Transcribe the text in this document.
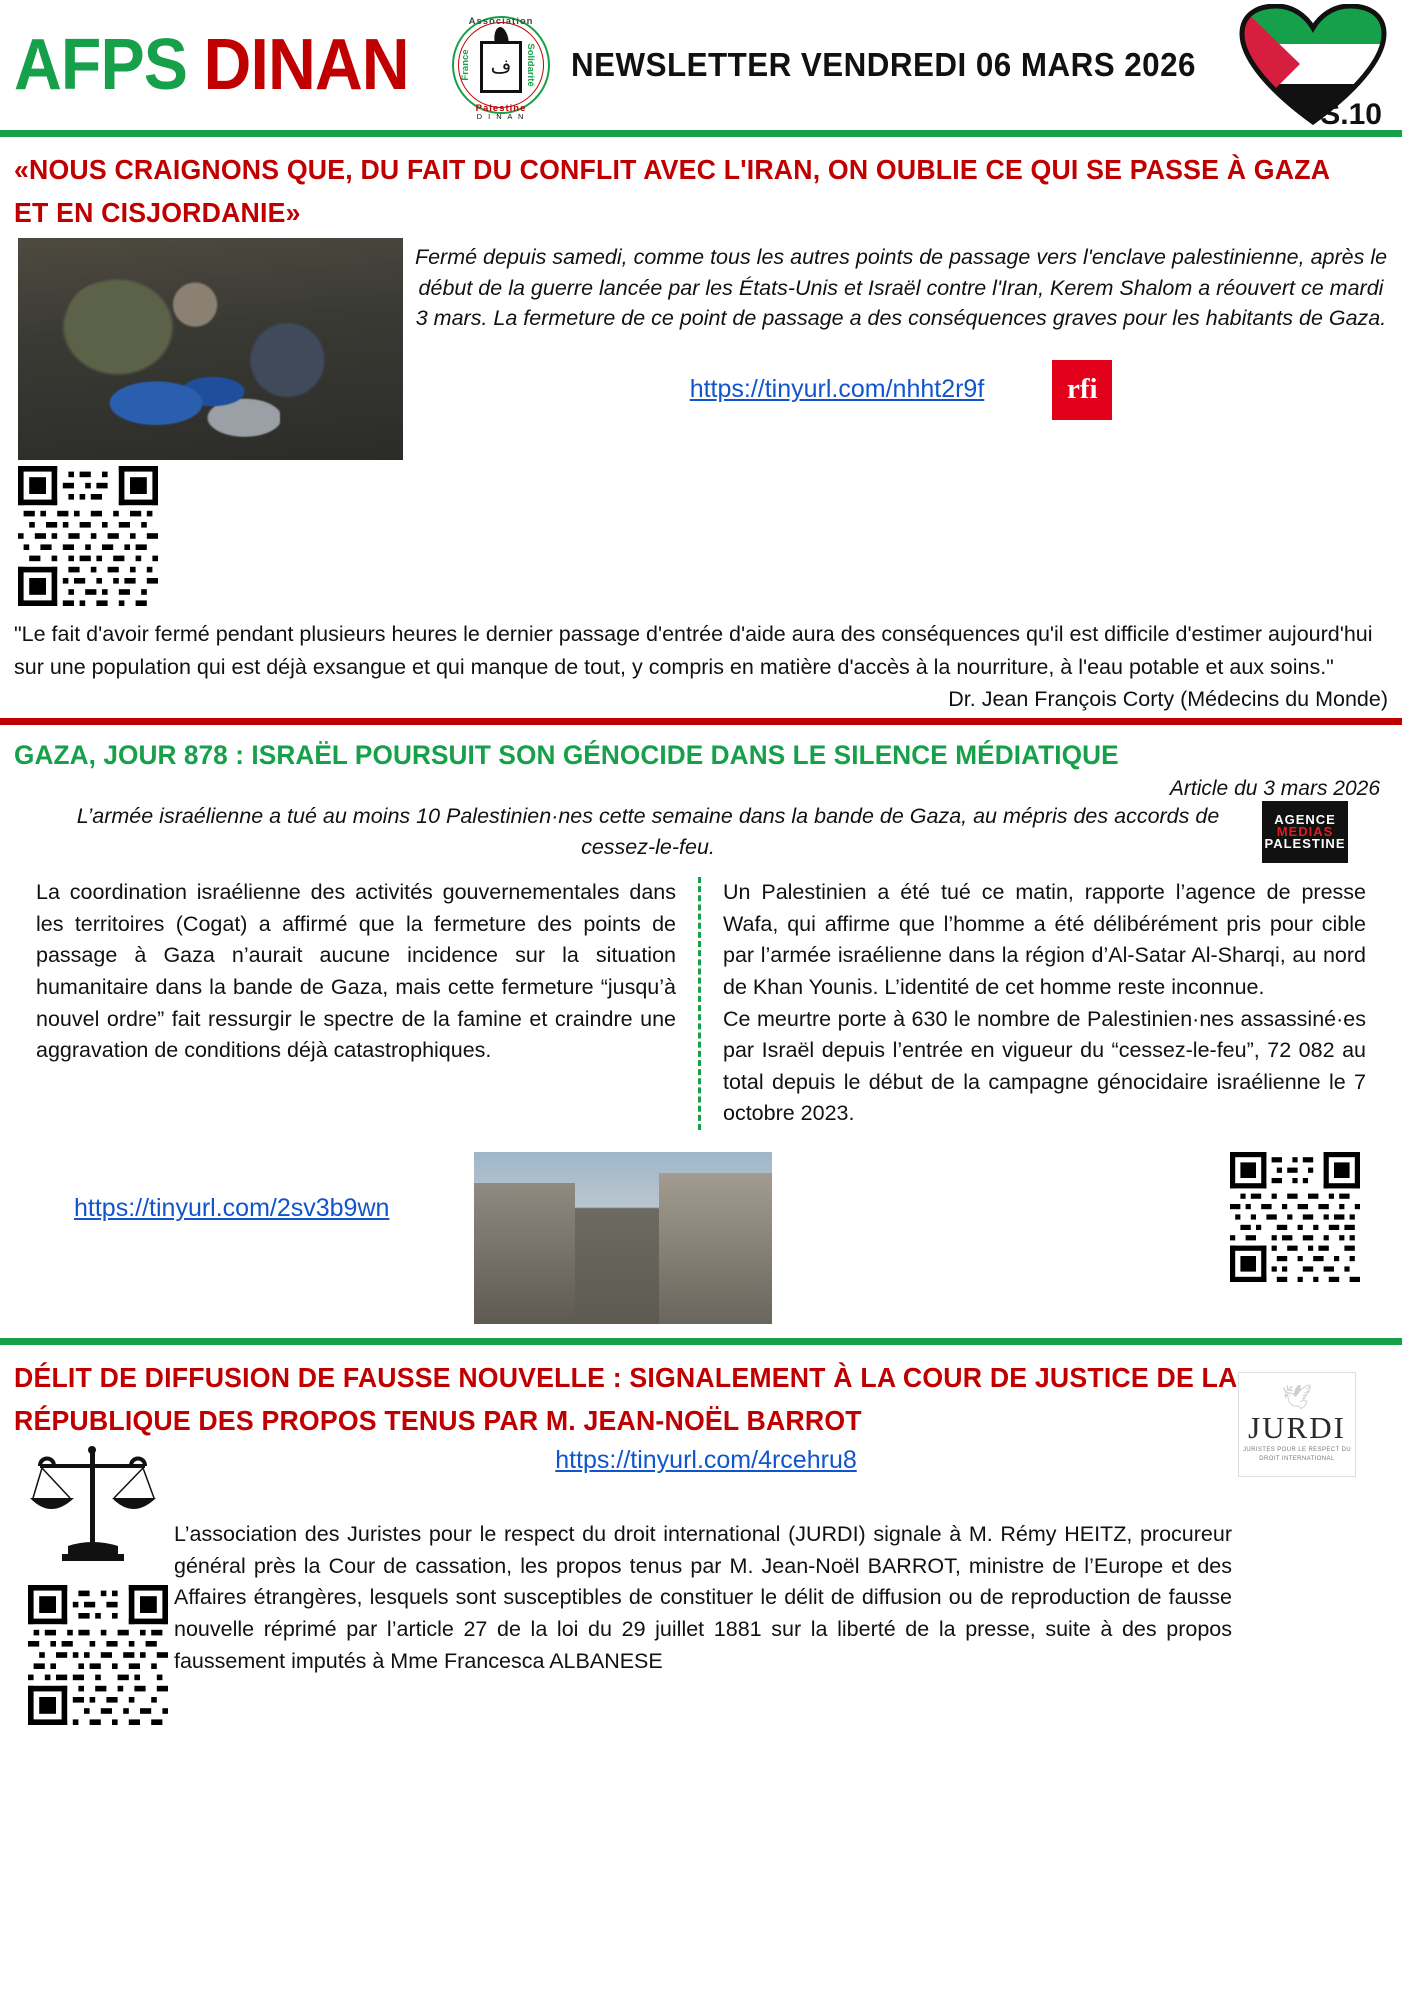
AFPS DINAN	ف
Association
France	Solidarité
Palestine
D I N A N
NEWSLETTER VENDREDI 06 MARS 2026
S.10
«NOUS CRAIGNONS QUE, DU FAIT DU CONFLIT AVEC L'IRAN, ON OUBLIE CE QUI SE PASSE À GAZA ET EN CISJORDANIE»
Fermé depuis samedi, comme tous les autres points de passage vers l'enclave palestinienne, après le début de la guerre lancée par les États-Unis et Israël contre l'Iran, Kerem Shalom a réouvert ce mardi 3 mars. La fermeture de ce point de passage a des conséquences graves pour les habitants de Gaza.
https://tinyurl.com/nhht2r9f	rfi
"Le fait d'avoir fermé pendant plusieurs heures le dernier passage d'entrée d'aide aura des conséquences qu'il est difficile d'estimer aujourd'hui sur une population qui est déjà exsangue et qui manque de tout, y compris en matière d'accès à la nourriture, à l'eau potable et aux soins."
Dr. Jean François Corty (Médecins du Monde)
GAZA, JOUR 878 : ISRAËL POURSUIT SON GÉNOCIDE DANS LE SILENCE MÉDIATIQUE
Article du 3 mars 2026
L’armée israélienne a tué au moins 10 Palestinien·nes cette semaine dans la bande de Gaza, au mépris des accords de cessez-le-feu.
AGENCE
MEDIAS
PALESTINE
La coordination israélienne des activités gouvernementales dans les territoires (Cogat) a affirmé que la fermeture des points de passage à Gaza n’aurait aucune incidence sur la situation humanitaire dans la bande de Gaza, mais cette fermeture “jusqu’à nouvel ordre” fait ressurgir le spectre de la famine et craindre une aggravation de conditions déjà catastrophiques.
Un Palestinien a été tué ce matin, rapporte l’agence de presse Wafa, qui affirme que l’homme a été délibérément pris pour cible par l’armée israélienne dans la région d’Al-Satar Al-Sharqi, au nord de Khan Younis. L’identité de cet homme reste inconnue.
Ce meurtre porte à 630 le nombre de Palestinien·nes assassiné·es par Israël depuis l’entrée en vigueur du “cessez-le-feu”, 72 082 au total depuis le début de la campagne génocidaire israélienne le 7 octobre 2023.
https://tinyurl.com/2sv3b9wn
DÉLIT DE DIFFUSION DE FAUSSE NOUVELLE : SIGNALEMENT À LA COUR DE JUSTICE DE LA RÉPUBLIQUE DES PROPOS TENUS PAR M. JEAN-NOËL BARROT
https://tinyurl.com/4rcehru8
L’association des Juristes pour le respect du droit international (JURDI) signale à M. Rémy HEITZ, procureur général près la Cour de cassation, les propos tenus par M. Jean-Noël BARROT, ministre de l’Europe et des Affaires étrangères, lesquels sont susceptibles de constituer le délit de diffusion ou de reproduction de fausse nouvelle réprimé par l’article 27 de la loi du 29 juillet 1881 sur la liberté de la presse, suite à des propos faussement imputés à Mme Francesca ALBANESE
🕊
JURDI
JURISTES POUR LE RESPECT DU DROIT INTERNATIONAL
